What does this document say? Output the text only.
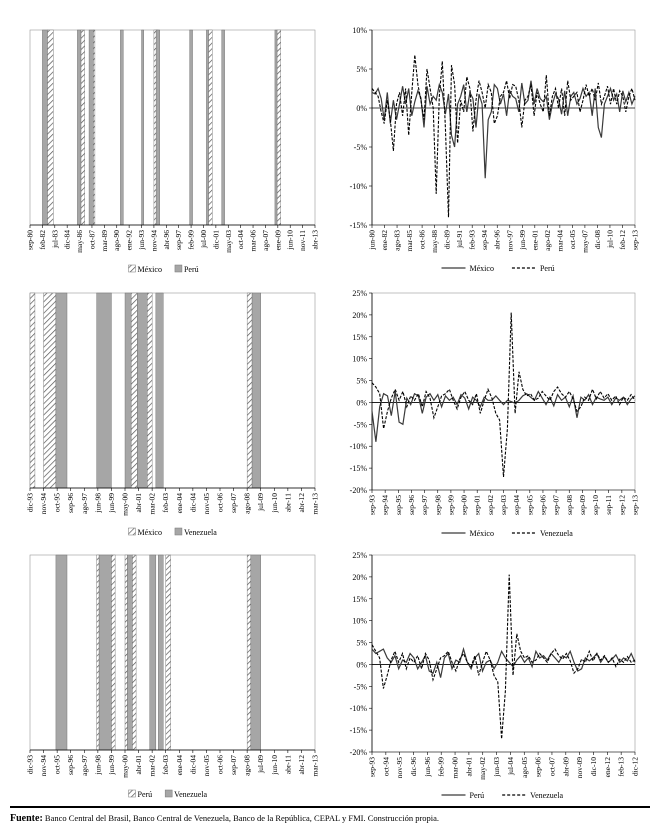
sep-80 feb-82 jul-83 dic-84 may-86 oct-87 mar-89 ago-90 ene-92 jun-93 nov-94 abr-96 sep-97 feb-99 jul-00 dic-01 may-03 oct-04 mar-06 ago-07 ene-09 jun-10 nov-11 abr-13
México	Perú
10%
5%
0%
-5%
-10%
-15%
jun-80 ene-82 ago-83 mar-85 oct-86 may-88 dic-89 jul-91 feb-93 sep-94 abr-96 nov-97 jun-99 ene-01 ago-02 mar-04 oct-05 may-07 dic-08 jul-10 feb-12 sep-13
México	Perú
dic-93 nov-94 oct-95 sep-96 ago-97 jun-98 jun-99 may-00 abr-01 mar-02 feb-03 ene-04 dic-04 nov-05 oct-06 sep-07 ago-08 jul-09 jun-10 abr-11 abr-12 mar-13
México	Venezuela
25%
20%
15%
10%
5%
0%
-5%
-10%
-15%
-20%
sep-93 sep-94 sep-95 sep-96 sep-97 sep-98 sep-99 sep-00 sep-01 sep-02 sep-03 sep-04 sep-05 sep-06 sep-07 sep-08 sep-09 sep-10 sep-11 sep-12 sep-13
México	Venezuela
dic-93 nov-94 oct-95 sep-96 ago-97 jun-98 jun-99 may-00 abr-01 mar-02 feb-03 ene-04 dic-04 nov-05 oct-06 sep-07 ago-08 jul-09 jun-10 abr-11 abr-12 mar-13
Perú	Venezuela
25%
20%
15%
10%
5%
0%
-5%
-10%
-15%
-20%
sep-93 oct-94 nov-95 dic-96 jun-96 feb-99 mar-00 abr-01 may-02 jun-03 jul-04 ago-05 sep-06 oct-07 abr-09 nov-09 dic-10 ene-12 feb-13 dic-12
Perú	Venezuela
Fuente: Banco Central del Brasil, Banco Central de Venezuela, Banco de la República, CEPAL y FMI. Construcción propia.
